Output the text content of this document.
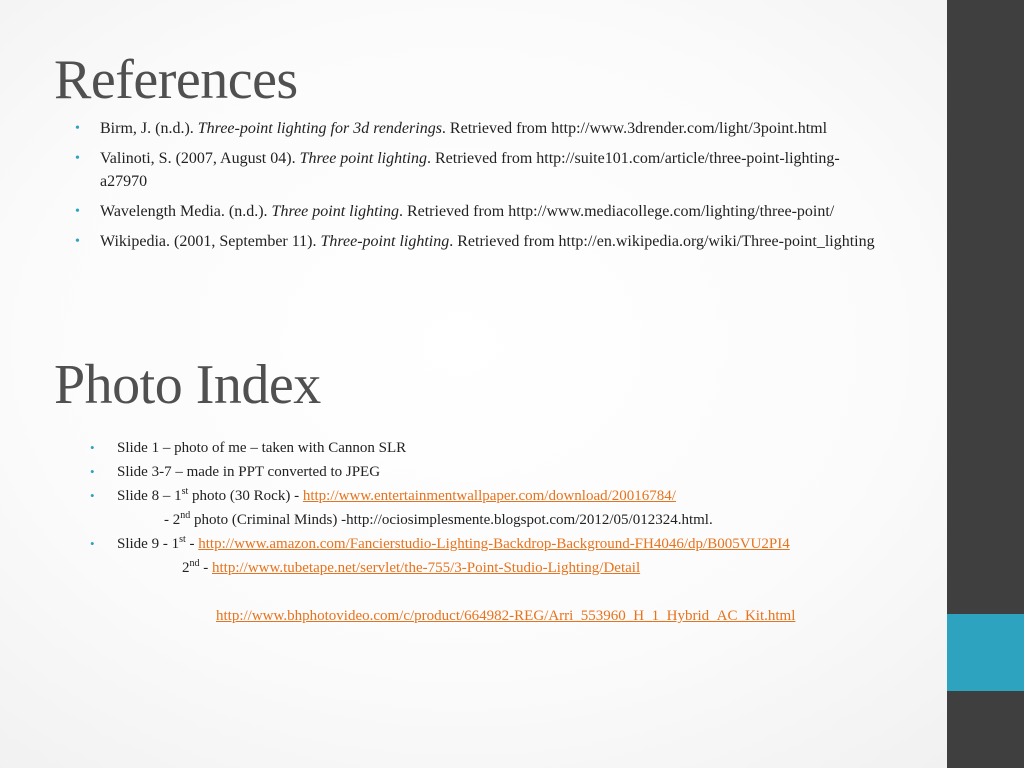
References
• Birm, J. (n.d.). Three-point lighting for 3d renderings. Retrieved from http://www.3drender.com/light/3point.html
• Valinoti, S. (2007, August 04). Three point lighting. Retrieved from http://suite101.com/article/three-point-lighting-a27970
• Wavelength Media. (n.d.). Three point lighting. Retrieved from http://www.mediacollege.com/lighting/three-point/
• Wikipedia. (2001, September 11). Three-point lighting. Retrieved from http://en.wikipedia.org/wiki/Three-point_lighting
Photo Index
• Slide 1 – photo of me – taken with Cannon SLR
• Slide 3-7 – made in PPT converted to JPEG
• Slide 8 – 1st photo (30 Rock) - http://www.entertainmentwallpaper.com/download/20016784/
- 2nd photo (Criminal Minds) -http://ociosimplesmente.blogspot.com/2012/05/012324.html.
• Slide 9 - 1st - http://www.amazon.com/Fancierstudio-Lighting-Backdrop-Background-FH4046/dp/B005VU2PI4
2nd - http://www.tubetape.net/servlet/the-755/3-Point-Studio-Lighting/Detail
http://www.bhphotovideo.com/c/product/664982-REG/Arri_553960_H_1_Hybrid_AC_Kit.html
